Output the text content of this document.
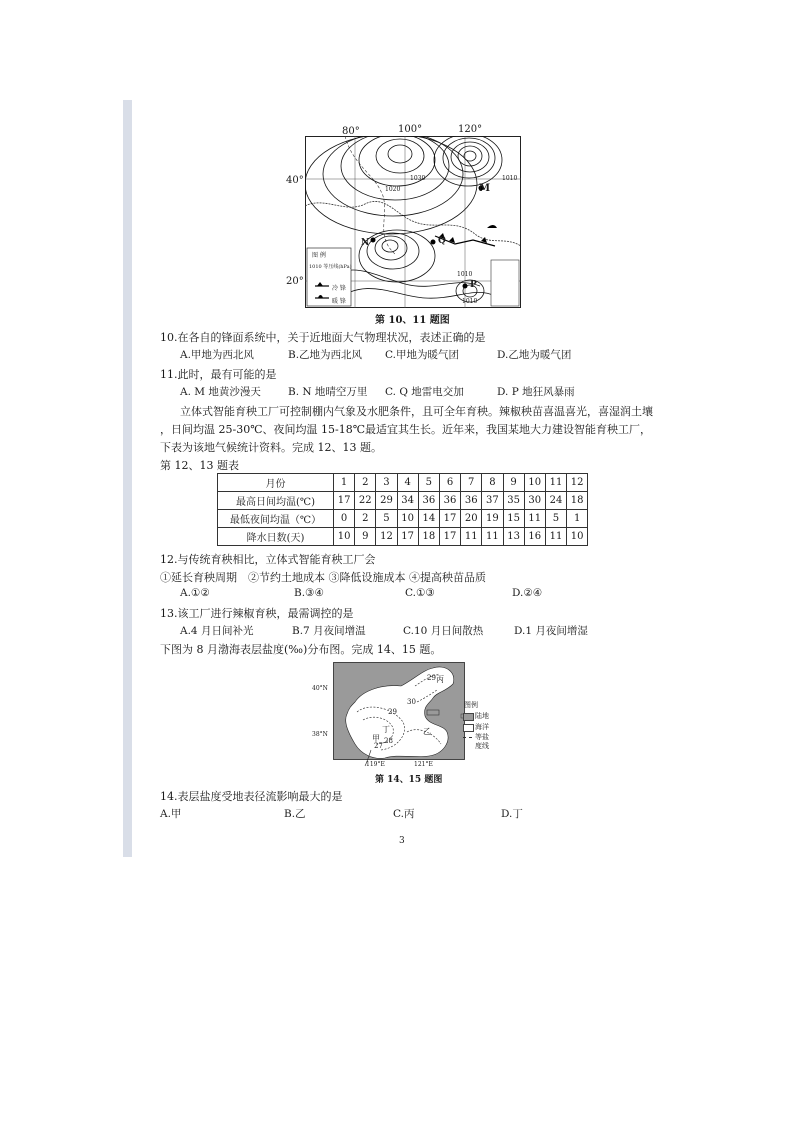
80°	100°	120°
40°
20°
M
N	Q
P
1020
1030
1010
1010
1010
图 例
1010 等压线(hPa)
冷 锋
暖 锋
第 10、11 题图
10.在各自的锋面系统中，关于近地面大气物理状况，表述正确的是
A.甲地为西北风	B.乙地为西北风 C.甲地为暖气团	D.乙地为暖气团
11.此时，最有可能的是
A. M 地黄沙漫天	B. N 地晴空万里 C. Q 地雷电交加	D. P 地狂风暴雨
立体式智能育秧工厂可控制棚内气象及水肥条件，且可全年育秧。辣椒秧苗喜温喜光，喜湿润土壤
，日间均温 25-30℃、夜间均温 15-18℃最适宜其生长。近年来，我国某地大力建设智能育秧工厂，
下表为该地气候统计资料。完成 12、13 题。
第 12、13 题表
月份	1	2	3	4	5	6	7	8	9	10	11	12
最高日间均温(℃)	17	22	29	34	36	36	36	37	35	30	24	18
最低夜间均温（℃）	0	2	5	10	14	17	20	19	15	11	5	1
降水日数(天)	10	9	12	17	18	17	11	11	13	16	11	10
12.与传统育秧相比，立体式智能育秧工厂会
①延长育秧周期　②节约土地成本 ③降低设施成本 ④提高秧苗品质
A.①②	B.③④	C.①③	D.②④
13.该工厂进行辣椒育秧，最需调控的是
A.4 月日间补光	B.7 月夜间增温	C.10 月日间散热	D.1 月夜间增湿
下图为 8 月渤海表层盐度(‰)分布图。完成 14、15 题。
40°N
38°N
119°E	121°E
丙
丁
甲
乙
29
30
29
28
27
图例
陆地
海洋
等盐度线
第 14、15 题图
14.表层盐度受地表径流影响最大的是
A.甲	B.乙	C.丙	D.丁
3
